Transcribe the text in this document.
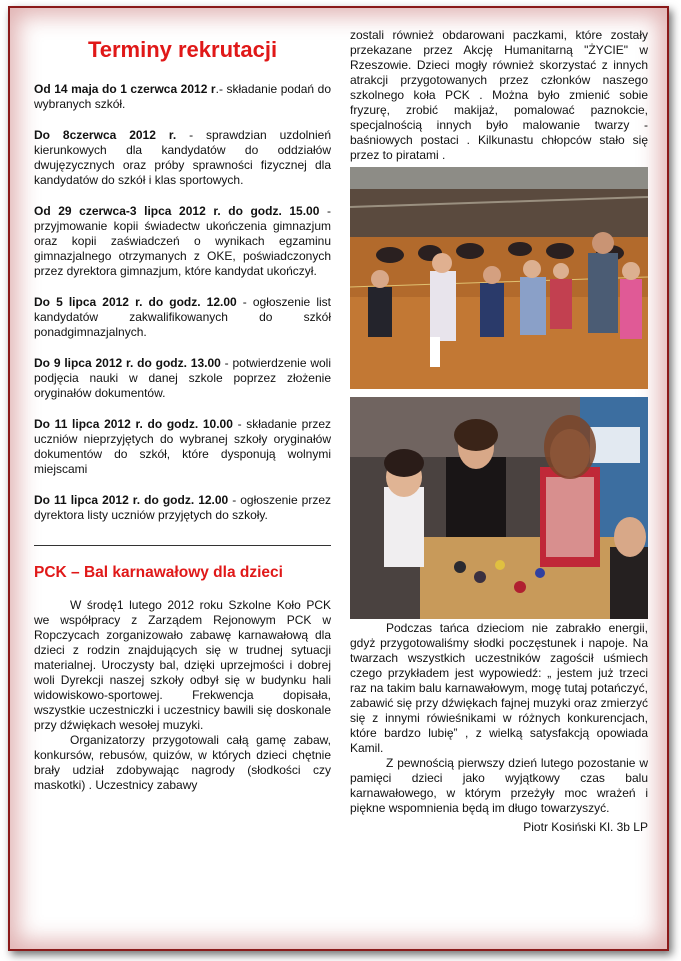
Terminy rekrutacji

Od 14 maja do 1 czerwca 2012 r.- składanie podań do wybranych szkół.

Do 8czerwca 2012 r. - sprawdzian uzdolnień kierunkowych dla kandydatów do oddziałów dwujęzycznych oraz próby sprawności fizycznej dla kandydatów do szkół i klas sportowych.

Od 29 czerwca-3 lipca 2012 r. do godz. 15.00 - przyjmowanie kopii świadectw ukończenia gimnazjum oraz kopii zaświadczeń o wynikach egzaminu gimnazjalnego otrzymanych z OKE, poświadczonych przez dyrektora gimnazjum, które kandydat ukończył.

Do 5 lipca 2012 r. do godz. 12.00 - ogłoszenie list kandydatów zakwalifikowanych do szkół ponadgimnazjalnych.

Do 9 lipca 2012 r. do godz. 13.00 - potwierdzenie woli podjęcia nauki w danej szkole poprzez złożenie oryginałów dokumentów.

Do 11 lipca 2012 r. do godz. 10.00 - składanie przez uczniów nieprzyjętych do wybranej szkoły oryginałów dokumentów do szkół, które dysponują wolnymi miejscami

Do 11 lipca 2012 r. do godz. 12.00 - ogłoszenie przez dyrektora listy uczniów przyjętych do szkoły.

PCK – Bal karnawałowy dla dzieci

W środę1 lutego 2012 roku Szkolne Koło PCK we współpracy z Zarządem Rejonowym PCK w Ropczycach zorganizowało zabawę karnawałową dla dzieci z rodzin znajdujących się w trudnej sytuacji materialnej. Uroczysty bal, dzięki uprzejmości i dobrej woli Dyrekcji naszej szkoły odbył się w budynku hali widowiskowo-sportowej. Frekwencja dopisała, wszystkie uczestniczki i uczestnicy bawili się doskonale przy dźwiękach wesołej muzyki.

Organizatorzy przygotowali całą gamę zabaw, konkursów, rebusów, quizów, w których dzieci chętnie brały udział zdobywając nagrody (słodkości czy maskotki) . Uczestnicy zabawy

zostali również obdarowani paczkami, które zostały przekazane przez Akcję Humanitarną "ŻYCIE" w Rzeszowie. Dzieci mogły również skorzystać z innych atrakcji przygotowanych przez członków naszego szkolnego koła PCK . Można było zmienić sobie fryzurę, zrobić makijaż, pomalować paznokcie, specjalnością innych było malowanie twarzy - baśniowych postaci . Kilkunastu chłopców stało się przez to piratami .

Podczas tańca dzieciom nie zabrakło energii, gdyż przygotowaliśmy słodki poczęstunek i napoje. Na twarzach wszystkich uczestników zagościł uśmiech czego przykładem jest wypowiedź: „ jestem już trzeci raz na takim balu karnawałowym, mogę tutaj potańczyć, zabawić się przy dźwiękach fajnej muzyki oraz zmierzyć się z innymi rówieśnikami w różnych konkurencjach, które bardzo lubię” , z wielką satysfakcją opowiada Kamil.

Z pewnością pierwszy dzień lutego pozostanie w pamięci dzieci jako wyjątkowy czas balu karnawałowego, w którym przeżyły moc wrażeń i piękne wspomnienia będą im długo towarzyszyć.

Piotr Kosiński Kl. 3b LP
